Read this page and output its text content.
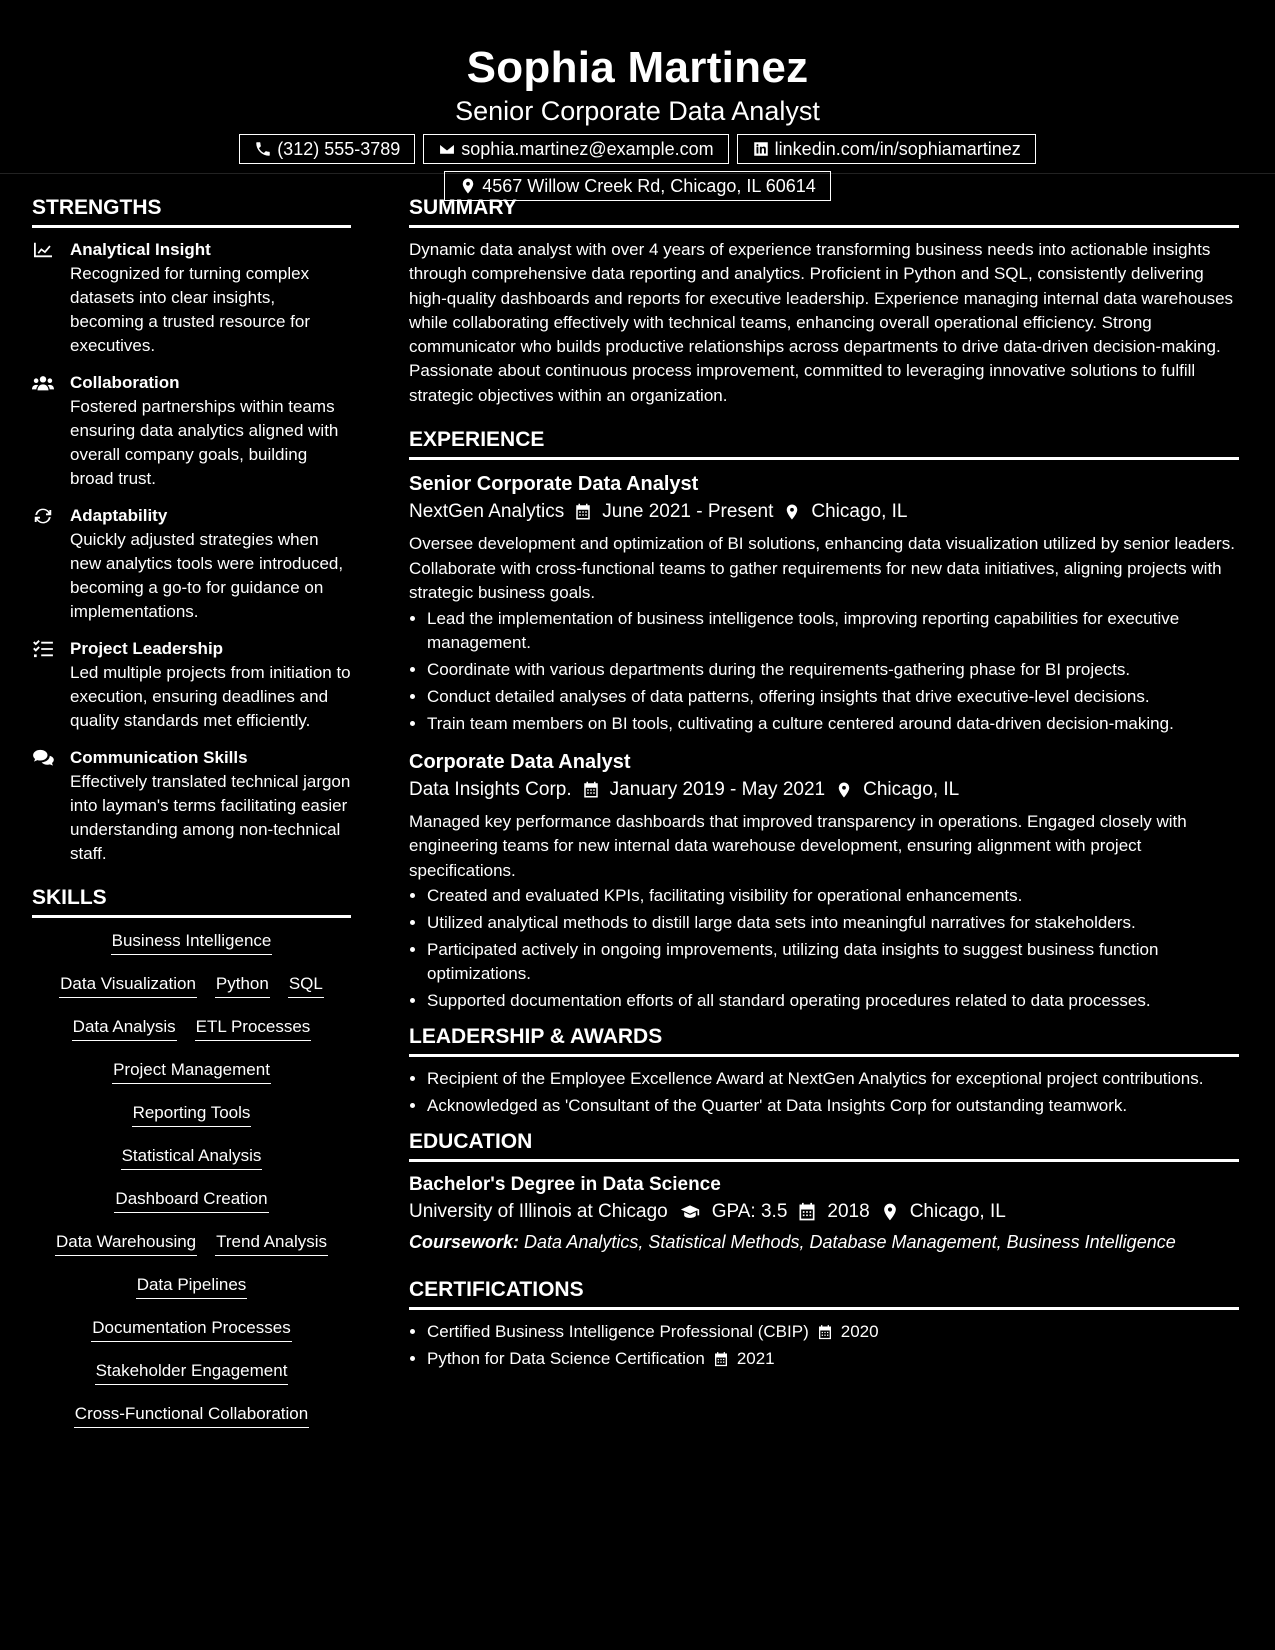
Sophia Martinez
Senior Corporate Data Analyst
(312) 555-3789	sophia.martinez@example.com	linkedin.com/in/sophiamartinez
4567 Willow Creek Rd, Chicago, IL 60614
STRENGTHS
Analytical Insight
Recognized for turning complex datasets into clear insights, becoming a trusted resource for executives.
Collaboration
Fostered partnerships within teams ensuring data analytics aligned with overall company goals, building broad trust.
Adaptability
Quickly adjusted strategies when new analytics tools were introduced, becoming a go-to for guidance on implementations.
Project Leadership
Led multiple projects from initiation to execution, ensuring deadlines and quality standards met efficiently.
Communication Skills
Effectively translated technical jargon into layman's terms facilitating easier understanding among non-technical staff.
SKILLS
Business Intelligence
Data Visualization Python SQL
Data Analysis ETL Processes
Project Management
Reporting Tools
Statistical Analysis
Dashboard Creation
Data Warehousing Trend Analysis
Data Pipelines
Documentation Processes
Stakeholder Engagement
Cross-Functional Collaboration
SUMMARY

Dynamic data analyst with over 4 years of experience transforming business needs into actionable insights through comprehensive data reporting and analytics. Proficient in Python and SQL, consistently delivering high-quality dashboards and reports for executive leadership. Experience managing internal data warehouses while collaborating effectively with technical teams, enhancing overall operational efficiency. Strong communicator who builds productive relationships across departments to drive data-driven decision-making. Passionate about continuous process improvement, committed to leveraging innovative solutions to fulfill strategic objectives within an organization.

EXPERIENCE
Senior Corporate Data Analyst
NextGen Analytics June 2021 - Present Chicago, IL

Oversee development and optimization of BI solutions, enhancing data visualization utilized by senior leaders. Collaborate with cross-functional teams to gather requirements for new data initiatives, aligning projects with strategic business goals.

• Lead the implementation of business intelligence tools, improving reporting capabilities for executive management.
• Coordinate with various departments during the requirements-gathering phase for BI projects.
• Conduct detailed analyses of data patterns, offering insights that drive executive-level decisions.
• Train team members on BI tools, cultivating a culture centered around data-driven decision-making.
Corporate Data Analyst
Data Insights Corp. January 2019 - May 2021 Chicago, IL

Managed key performance dashboards that improved transparency in operations. Engaged closely with engineering teams for new internal data warehouse development, ensuring alignment with project specifications.

• Created and evaluated KPIs, facilitating visibility for operational enhancements.
• Utilized analytical methods to distill large data sets into meaningful narratives for stakeholders.
• Participated actively in ongoing improvements, utilizing data insights to suggest business function optimizations.
• Supported documentation efforts of all standard operating procedures related to data processes.
LEADERSHIP & AWARDS
• Recipient of the Employee Excellence Award at NextGen Analytics for exceptional project contributions.
• Acknowledged as 'Consultant of the Quarter' at Data Insights Corp for outstanding teamwork.
EDUCATION
Bachelor's Degree in Data Science
University of Illinois at Chicago GPA: 3.5 2018 Chicago, IL
Coursework: Data Analytics, Statistical Methods, Database Management, Business Intelligence
CERTIFICATIONS
• Certified Business Intelligence Professional (CBIP) 2020
• Python for Data Science Certification 2021
